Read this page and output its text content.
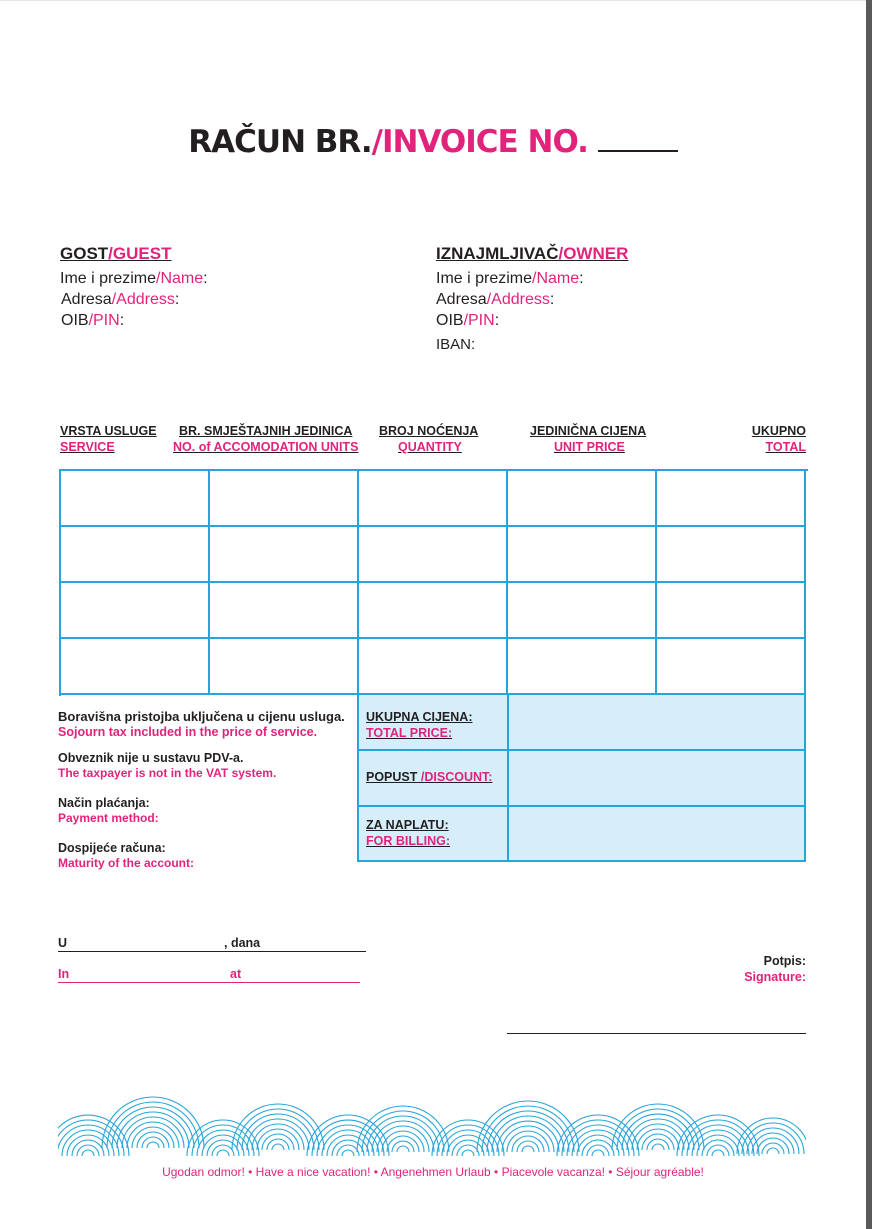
RAČUN BR./INVOICE NO.
GOST/GUEST
Ime i prezime/Name:
Adresa/Address:
OIB/PIN:
IZNAJMLJIVAČ/OWNER
Ime i prezime/Name:
Adresa/Address:
OIB/PIN:
IBAN:
VRSTA USLUGE
SERVICE
BR. SMJEŠTAJNIH JEDINICA
NO. of ACCOMODATION UNITS
BROJ NOĆENJA
QUANTITY
JEDINIČNA CIJENA
UNIT PRICE
UKUPNO
TOTAL
Boravišna pristojba uključena u cijenu usluga.
Sojourn tax included in the price of service.
Obveznik nije u sustavu PDV-a.
The taxpayer is not in the VAT system.
Način plaćanja:
Payment method:
Dospijeće računa:
Maturity of the account:
UKUPNA CIJENA:
TOTAL PRICE:
POPUST /DISCOUNT:
ZA NAPLATU:
FOR BILLING:
U	, dana
In	at
Potpis:
Signature:
Ugodan odmor! • Have a nice vacation! • Angenehmen Urlaub • Piacevole vacanza! • Séjour agréable!
